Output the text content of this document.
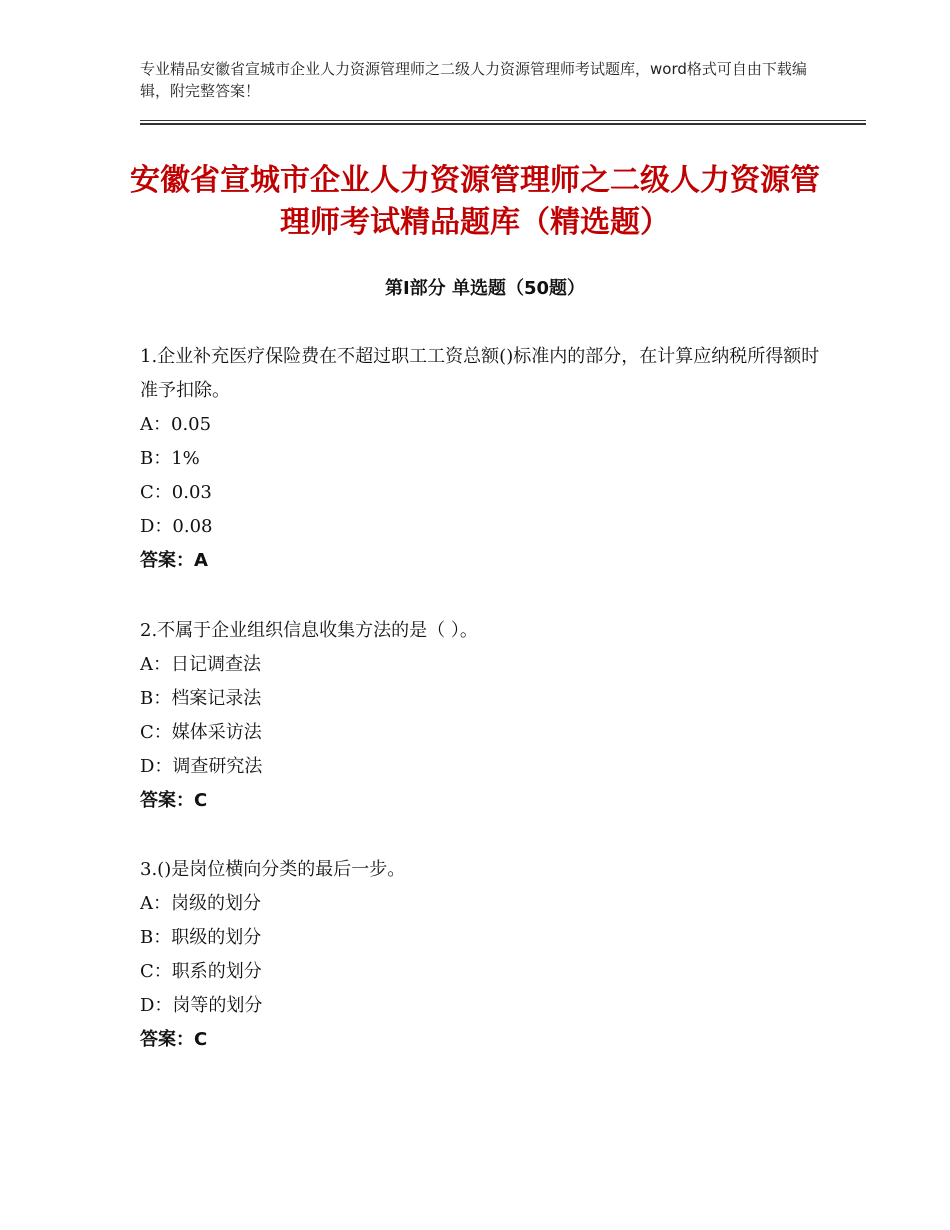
专业精品安徽省宣城市企业人力资源管理师之二级人力资源管理师考试题库，word格式可自由下载编辑，附完整答案！
安徽省宣城市企业人力资源管理师之二级人力资源管理师考试精品题库（精选题）
第Ⅰ部分 单选题（50题）

1.企业补充医疗保险费在不超过职工工资总额()标准内的部分，在计算应纳税所得额时准予扣除。

A：0.05

B：1%

C：0.03

D：0.08

答案：A

2.不属于企业组织信息收集方法的是（ ）。

A：日记调查法

B：档案记录法

C：媒体采访法

D：调查研究法

答案：C

3.()是岗位横向分类的最后一步。

A：岗级的划分

B：职级的划分

C：职系的划分

D：岗等的划分

答案：C
